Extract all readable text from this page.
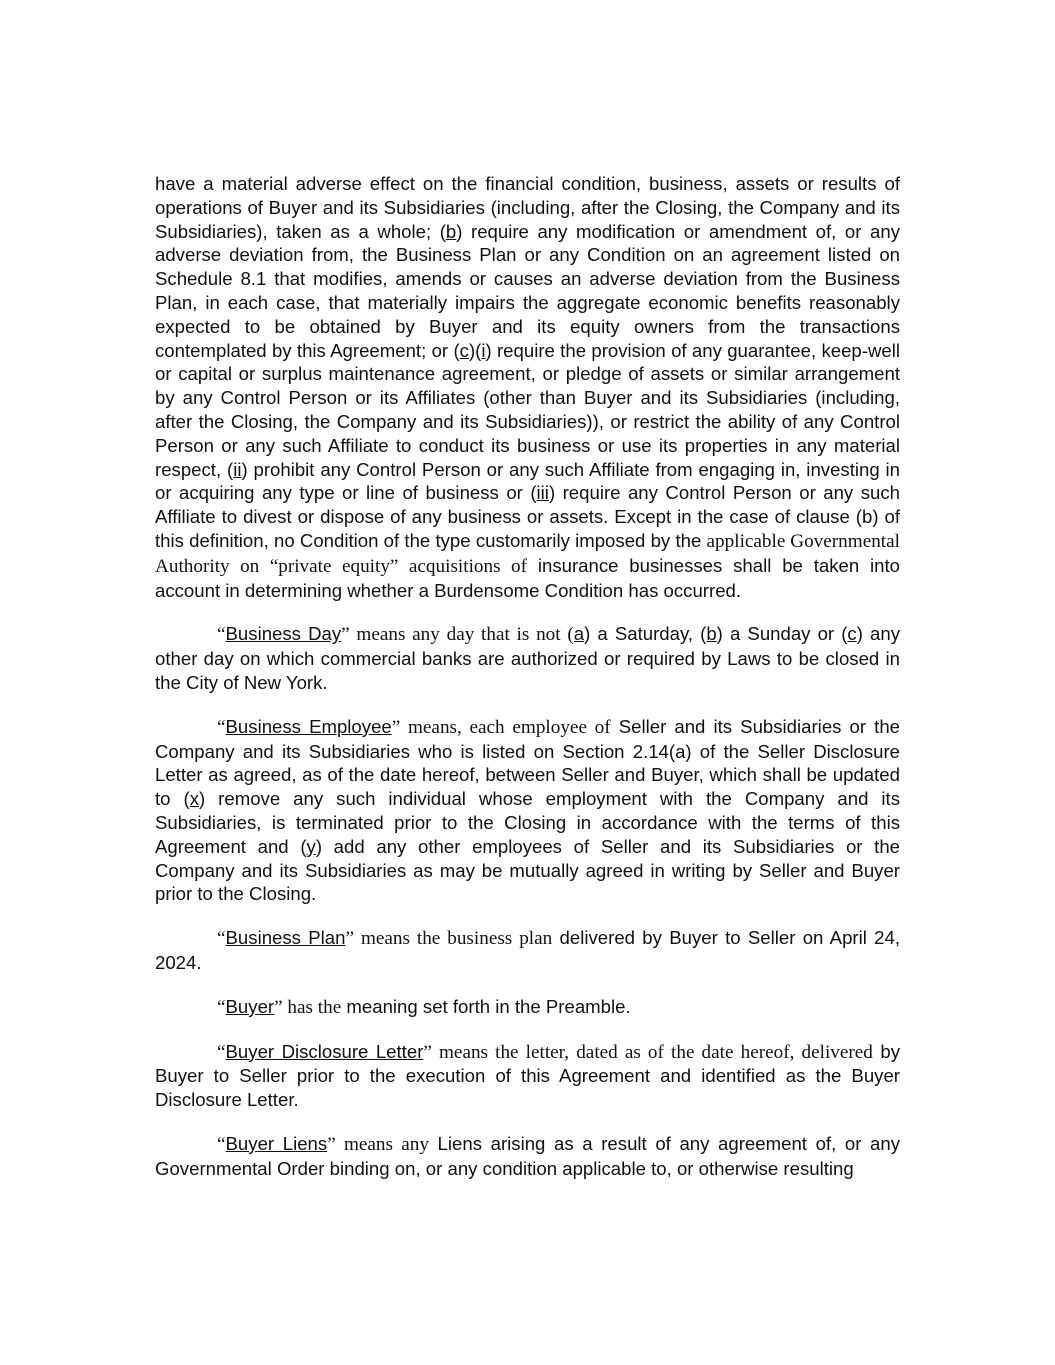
have a material adverse effect on the financial condition, business, assets or results of operations of Buyer and its Subsidiaries (including, after the Closing, the Company and its Subsidiaries), taken as a whole; (b) require any modification or amendment of, or any adverse deviation from, the Business Plan or any Condition on an agreement listed on Schedule 8.1 that modifies, amends or causes an adverse deviation from the Business Plan, in each case, that materially impairs the aggregate economic benefits reasonably expected to be obtained by Buyer and its equity owners from the transactions contemplated by this Agreement; or (c)(i) require the provision of any guarantee, keep-well or capital or surplus maintenance agreement, or pledge of assets or similar arrangement by any Control Person or its Affiliates (other than Buyer and its Subsidiaries (including, after the Closing, the Company and its Subsidiaries)), or restrict the ability of any Control Person or any such Affiliate to conduct its business or use its properties in any material respect, (ii) prohibit any Control Person or any such Affiliate from engaging in, investing in or acquiring any type or line of business or (iii) require any Control Person or any such Affiliate to divest or dispose of any business or assets. Except in the case of clause (b) of this definition, no Condition of the type customarily imposed by the applicable Governmental Authority on “private equity” acquisitions of insurance businesses shall be taken into account in determining whether a Burdensome Condition has occurred.

“Business Day” means any day that is not (a) a Saturday, (b) a Sunday or (c) any other day on which commercial banks are authorized or required by Laws to be closed in the City of New York.

“Business Employee” means, each employee of Seller and its Subsidiaries or the Company and its Subsidiaries who is listed on Section 2.14(a) of the Seller Disclosure Letter as agreed, as of the date hereof, between Seller and Buyer, which shall be updated to (x) remove any such individual whose employment with the Company and its Subsidiaries, is terminated prior to the Closing in accordance with the terms of this Agreement and (y) add any other employees of Seller and its Subsidiaries or the Company and its Subsidiaries as may be mutually agreed in writing by Seller and Buyer prior to the Closing.

“Business Plan” means the business plan delivered by Buyer to Seller on April 24, 2024.

“Buyer” has the meaning set forth in the Preamble.

“Buyer Disclosure Letter” means the letter, dated as of the date hereof, delivered by Buyer to Seller prior to the execution of this Agreement and identified as the Buyer Disclosure Letter.

“Buyer Liens” means any Liens arising as a result of any agreement of, or any Governmental Order binding on, or any condition applicable to, or otherwise resulting
